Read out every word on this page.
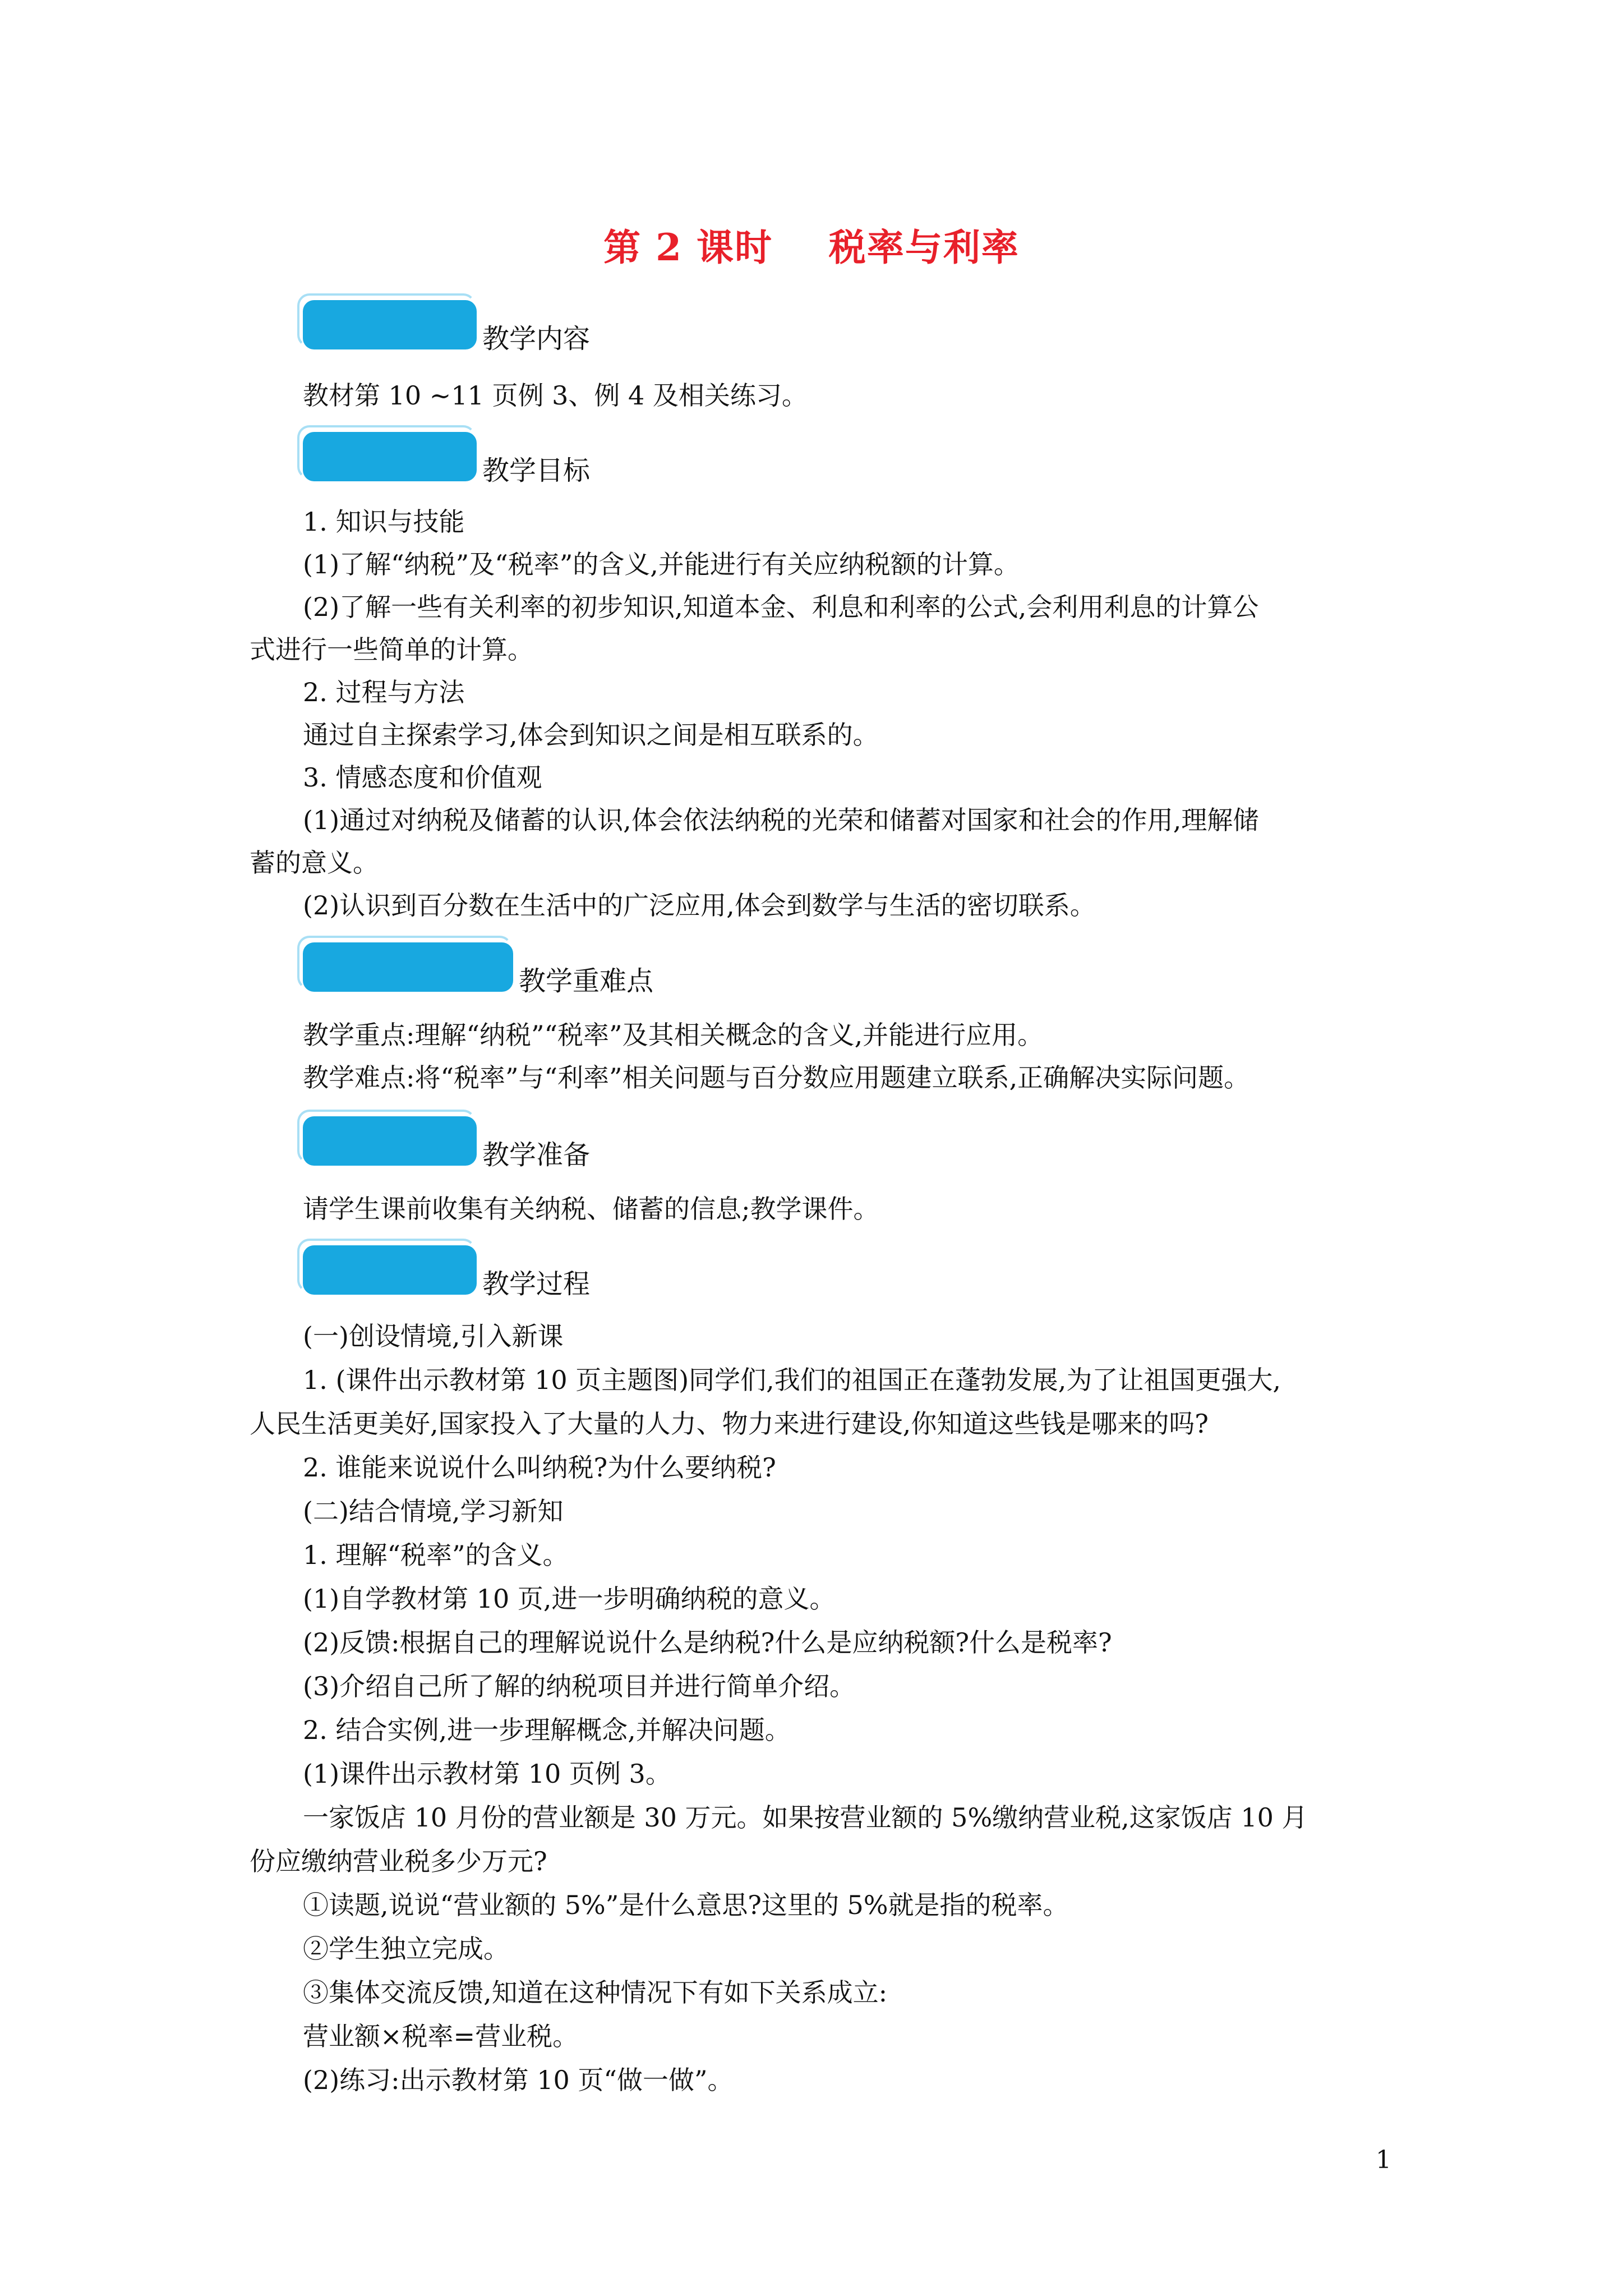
第 2 课时    税率与利率
教学内容
教材第 10 ~11 页例 3、例 4 及相关练习。
教学目标
1. 知识与技能
(1)了解“纳税”及“税率”的含义,并能进行有关应纳税额的计算。
(2)了解一些有关利率的初步知识,知道本金、利息和利率的公式,会利用利息的计算公
式进行一些简单的计算。
2. 过程与方法
通过自主探索学习,体会到知识之间是相互联系的。
3. 情感态度和价值观
(1)通过对纳税及储蓄的认识,体会依法纳税的光荣和储蓄对国家和社会的作用,理解储
蓄的意义。
(2)认识到百分数在生活中的广泛应用,体会到数学与生活的密切联系。
教学重难点
教学重点:理解“纳税”“税率”及其相关概念的含义,并能进行应用。
教学难点:将“税率”与“利率”相关问题与百分数应用题建立联系,正确解决实际问题。
教学准备
请学生课前收集有关纳税、储蓄的信息;教学课件。
教学过程
(一)创设情境,引入新课
1. (课件出示教材第 10 页主题图)同学们,我们的祖国正在蓬勃发展,为了让祖国更强大,
人民生活更美好,国家投入了大量的人力、物力来进行建设,你知道这些钱是哪来的吗?
2. 谁能来说说什么叫纳税?为什么要纳税?
(二)结合情境,学习新知
1. 理解“税率”的含义。
(1)自学教材第 10 页,进一步明确纳税的意义。
(2)反馈:根据自己的理解说说什么是纳税?什么是应纳税额?什么是税率?
(3)介绍自己所了解的纳税项目并进行简单介绍。
2. 结合实例,进一步理解概念,并解决问题。
(1)课件出示教材第 10 页例 3。
一家饭店 10 月份的营业额是 30 万元。如果按营业额的 5%缴纳营业税,这家饭店 10 月
份应缴纳营业税多少万元?
①读题,说说“营业额的 5%”是什么意思?这里的 5%就是指的税率。
②学生独立完成。
③集体交流反馈,知道在这种情况下有如下关系成立:
营业额×税率=营业税。
(2)练习:出示教材第 10 页“做一做”。
1
